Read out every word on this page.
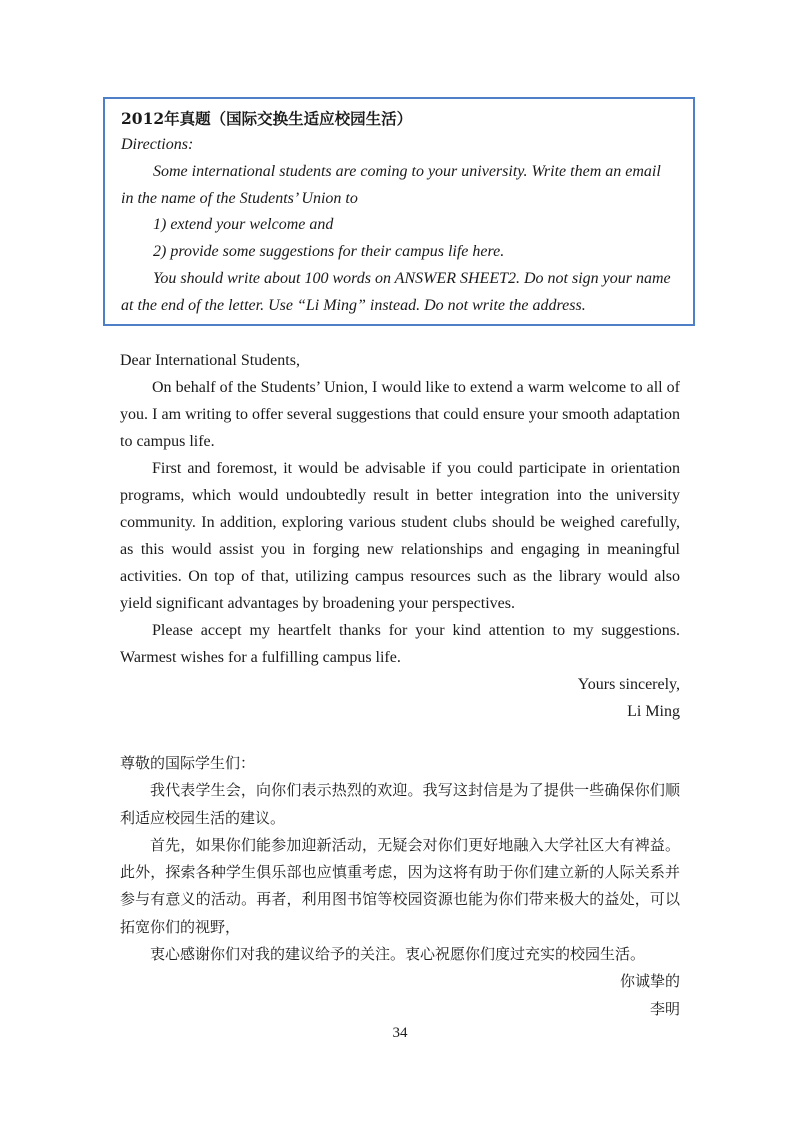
2012年真题（国际交换生适应校园生活）

Directions:

Some international students are coming to your university. Write them an email

in the name of the Students’ Union to

1) extend your welcome and

2) provide some suggestions for their campus life here.

You should write about 100 words on ANSWER SHEET2. Do not sign your name

at the end of the letter. Use “Li Ming” instead. Do not write the address.

Dear International Students,

On behalf of the Students’ Union, I would like to extend a warm welcome to all of you. I am writing to offer several suggestions that could ensure your smooth adaptation to campus life.

First and foremost, it would be advisable if you could participate in orientation programs, which would undoubtedly result in better integration into the university community. In addition, exploring various student clubs should be weighed carefully, as this would assist you in forging new relationships and engaging in meaningful activities. On top of that, utilizing campus resources such as the library would also yield significant advantages by broadening your perspectives.

Please accept my heartfelt thanks for your kind attention to my suggestions. Warmest wishes for a fulfilling campus life.

Yours sincerely,

Li Ming

尊敬的国际学生们：

我代表学生会，向你们表示热烈的欢迎。我写这封信是为了提供一些确保你们顺利适应校园生活的建议。

首先，如果你们能参加迎新活动，无疑会对你们更好地融入大学社区大有裨益。此外，探索各种学生俱乐部也应慎重考虑，因为这将有助于你们建立新的人际关系并参与有意义的活动。再者，利用图书馆等校园资源也能为你们带来极大的益处，可以拓宽你们的视野，

衷心感谢你们对我的建议给予的关注。衷心祝愿你们度过充实的校园生活。

你诚挚的

李明

34
